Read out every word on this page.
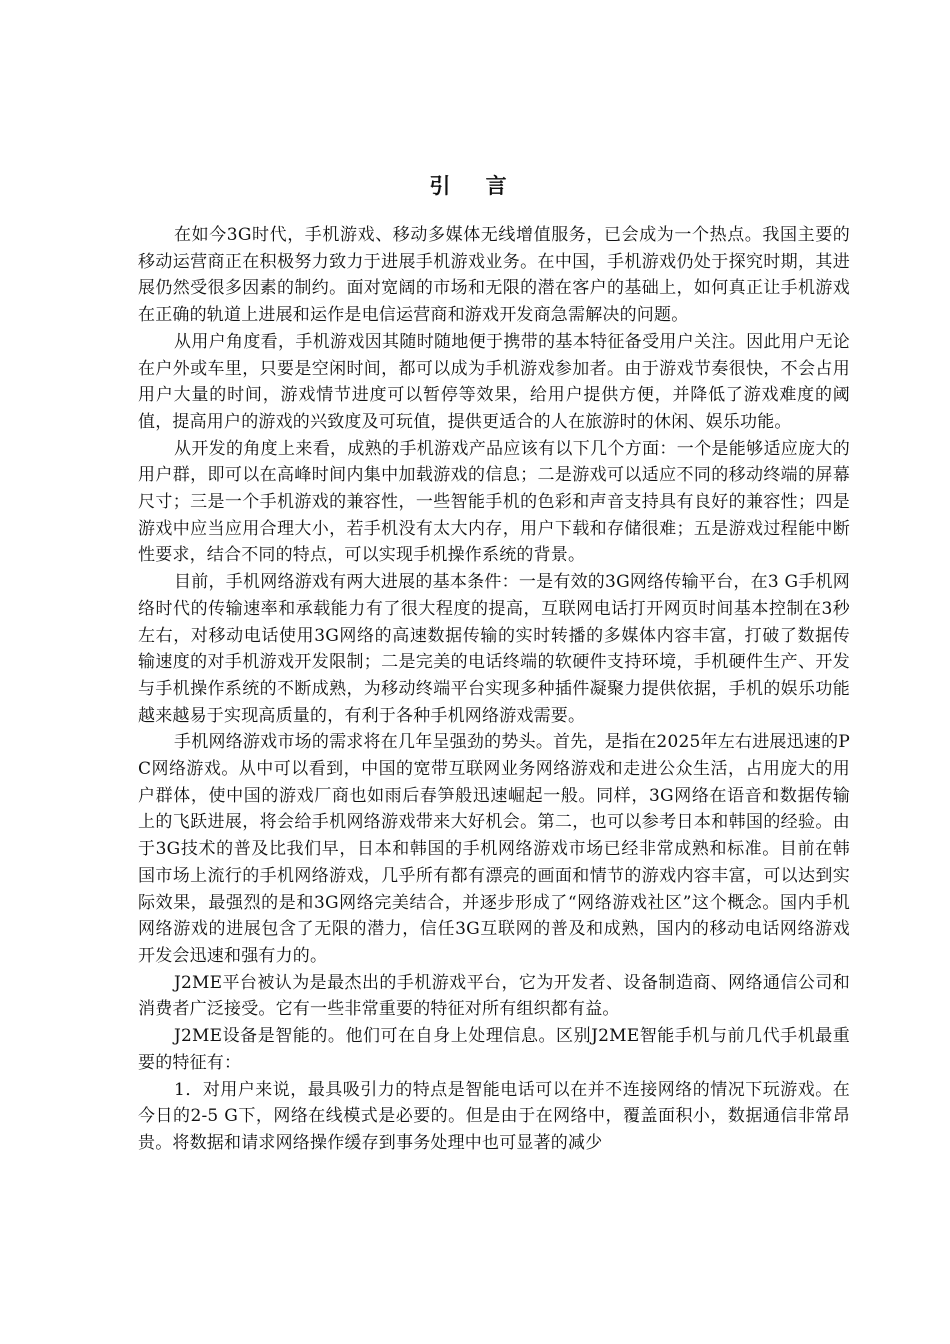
引 言

在如今3G时代，手机游戏、移动多媒体无线增值服务，已会成为一个热点。我国主要的移动运营商正在积极努力致力于进展手机游戏业务。在中国，手机游戏仍处于探究时期，其进展仍然受很多因素的制约。面对宽阔的市场和无限的潜在客户的基础上，如何真正让手机游戏在正确的轨道上进展和运作是电信运营商和游戏开发商急需解决的问题。

从用户角度看，手机游戏因其随时随地便于携带的基本特征备受用户关注。因此用户无论在户外或车里，只要是空闲时间，都可以成为手机游戏参加者。由于游戏节奏很快，不会占用用户大量的时间，游戏情节进度可以暂停等效果，给用户提供方便，并降低了游戏难度的阈值，提高用户的游戏的兴致度及可玩值，提供更适合的人在旅游时的休闲、娱乐功能。

从开发的角度上来看，成熟的手机游戏产品应该有以下几个方面：一个是能够适应庞大的用户群，即可以在高峰时间内集中加载游戏的信息；二是游戏可以适应不同的移动终端的屏幕尺寸；三是一个手机游戏的兼容性，一些智能手机的色彩和声音支持具有良好的兼容性；四是游戏中应当应用合理大小，若手机没有太大内存，用户下载和存储很难；五是游戏过程能中断性要求，结合不同的特点，可以实现手机操作系统的背景。

目前，手机网络游戏有两大进展的基本条件：一是有效的3G网络传输平台，在3 G手机网络时代的传输速率和承载能力有了很大程度的提高，互联网电话打开网页时间基本控制在3秒左右，对移动电话使用3G网络的高速数据传输的实时转播的多媒体内容丰富，打破了数据传输速度的对手机游戏开发限制；二是完美的电话终端的软硬件支持环境，手机硬件生产、开发与手机操作系统的不断成熟，为移动终端平台实现多种插件凝聚力提供依据，手机的娱乐功能越来越易于实现高质量的，有利于各种手机网络游戏需要。

手机网络游戏市场的需求将在几年呈强劲的势头。首先，是指在2025年左右进展迅速的PC网络游戏。从中可以看到，中国的宽带互联网业务网络游戏和走进公众生活，占用庞大的用户群体，使中国的游戏厂商也如雨后春笋般迅速崛起一般。同样，3G网络在语音和数据传输上的飞跃进展，将会给手机网络游戏带来大好机会。第二，也可以参考日本和韩国的经验。由于3G技术的普及比我们早，日本和韩国的手机网络游戏市场已经非常成熟和标准。目前在韩国市场上流行的手机网络游戏，几乎所有都有漂亮的画面和情节的游戏内容丰富，可以达到实际效果，最强烈的是和3G网络完美结合，并逐步形成了“网络游戏社区”这个概念。国内手机网络游戏的进展包含了无限的潜力，信任3G互联网的普及和成熟，国内的移动电话网络游戏开发会迅速和强有力的。

J2ME平台被认为是最杰出的手机游戏平台，它为开发者、设备制造商、网络通信公司和消费者广泛接受。它有一些非常重要的特征对所有组织都有益。

J2ME设备是智能的。他们可在自身上处理信息。区别J2ME智能手机与前几代手机最重要的特征有：

1．对用户来说，最具吸引力的特点是智能电话可以在并不连接网络的情况下玩游戏。在今日的2-5 G下，网络在线模式是必要的。但是由于在网络中，覆盖面积小，数据通信非常昂贵。将数据和请求网络操作缓存到事务处理中也可显著的减少
